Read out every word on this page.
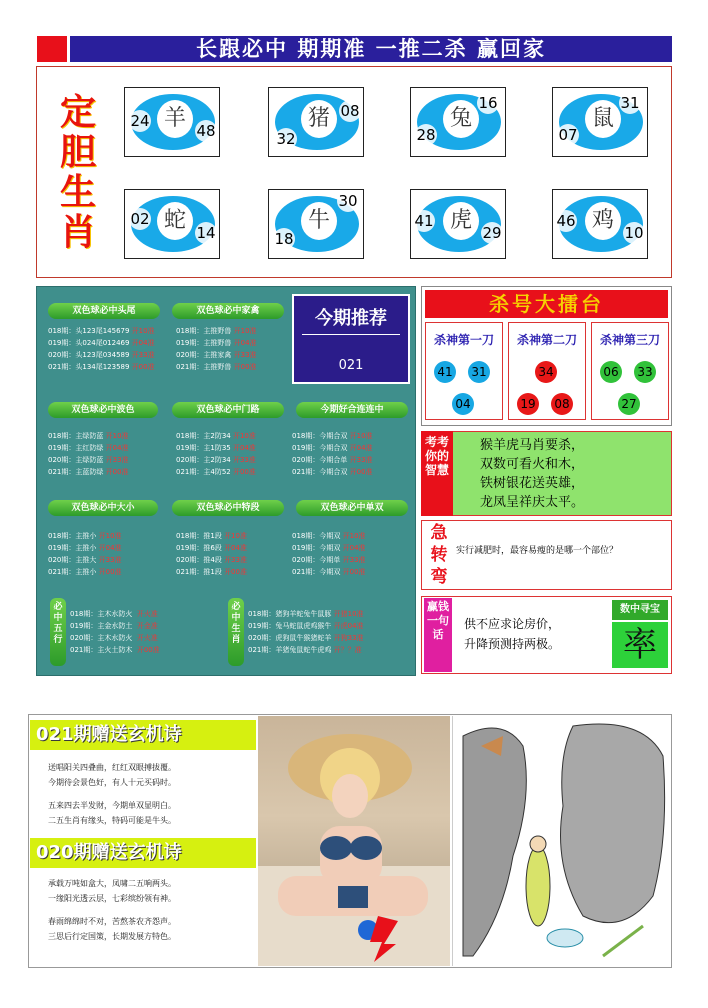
长跟必中 期期准 一推二杀 赢回家
定
胆
生
肖
羊
24
48	猪 08
32
兔
16
28
鼠
31
07
蛇
02
14	牛
30
18
虎
41
29	鸡
46
10
双色球必中头尾
018期：头123尾145679 开10准
019期：头024尾012469 开04准
020期：头123尾034589 开33准
021期：头134尾123589 开00准
双色球必中家禽
018期：主推野兽 开10准
019期：主推野兽 开04准
020期：主推家禽 开33准
021期：主推野兽 开00准
今期推荐
021
双色球必中波色
018期：主绿防蓝 开10准
019期：主红防绿 开04准
020期：主绿防蓝 开33准
021期：主蓝防绿 开00准
双色球必中门路
018期：主2防34 开10准
019期：主1防35 开04准
020期：主2防34 开33准
021期：主4防52 开00准
今期好合连连中
018期：今期合双 开10准
019期：今期合双 开04准
020期：今期合单 开33准
021期：今期合双 开00准
双色球必中大小
018期：主推小 开10准
019期：主推小 开04准
020期：主推大 开33准
021期：主推小 开00准
双色球必中特段
018期：推1段 开10准
019期：推6段 开04准
020期：推4段 开33准
021期：推1段 开00准
双色球必中单双
018期：今期双 开10准
019期：今期双 开04准
020期：今期单 开33准
021期：今期双 开00准
必中五行
018期：主木水防火 开火准
019期：主金水防土 开金准
020期：主木水防火 开火准
021期：主火土防木 开00准
必中生肖
018期：猪狗羊蛇兔牛鼠豚 开猪10准
019期：兔马蛇鼠虎鸡猴牛 开虎04准
020期：虎狗鼠牛猴猪蛇羊 开狗33准
021期：羊猪兔鼠蛇牛虎鸡 开？？准
杀号大擂台
杀神第一刀
41 31
04
杀神第二刀
34
19 08
杀神第三刀
06 33
27
考考你的智慧
猴羊虎马肖要杀，
双数可看火和木，
铁树银花送英雄，
龙凤呈祥庆太平。
急转弯
实行减肥时，最容易瘦的是哪一个部位？
赢钱一句话
供不应求论房价，
升降预测持两极。
数中寻宝
率
021期赠送玄机诗
送唱阳关四叠曲，红红双眼搏拔覆。
今期待会景色好，有人十元买码时。
五来四去半发财，今期单双显明白。
二五生肖有缘头，特码可能是牛头。
020期赠送玄机诗
承载万吨如盒大，凤啸二五响两头。
一缘阳光透云层，七彩缤纷领有神。
春雨绵绵时不对，苦熬茶农齐怨声。
三思后行定国策，长期发展方特色。
